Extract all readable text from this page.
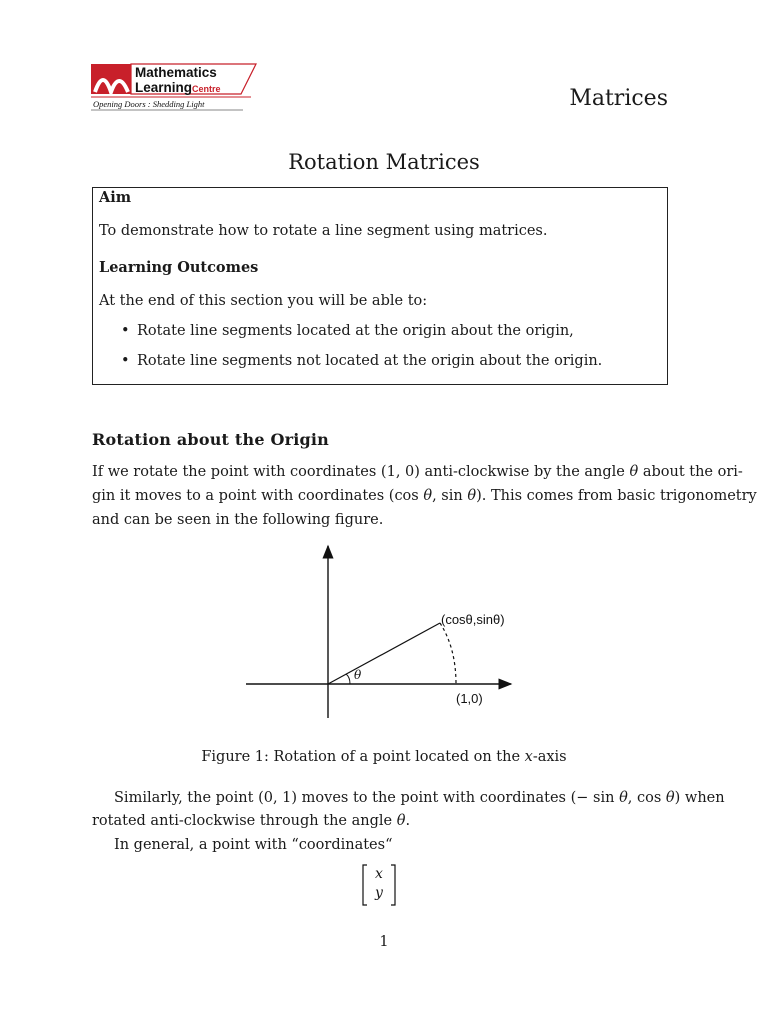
Mathematics
LearningCentre
Opening Doors : Shedding Light	Matrices
Rotation Matrices
Aim
To demonstrate how to rotate a line segment using matrices.
Learning Outcomes
At the end of this section you will be able to:
• Rotate line segments located at the origin about the origin,
• Rotate line segments not located at the origin about the origin.
Rotation about the Origin
If we rotate the point with coordinates (1, 0) anti-clockwise by the angle θ about the ori-
gin it moves to a point with coordinates (cos θ, sin θ). This comes from basic trigonometry
and can be seen in the following figure.
(cosθ,sinθ)
θ
(1,0)
Figure 1: Rotation of a point located on the x-axis
Similarly, the point (0, 1) moves to the point with coordinates (− sin θ, cos θ) when
rotated anti-clockwise through the angle θ.
In general, a point with “coordinates“
x
y
1
